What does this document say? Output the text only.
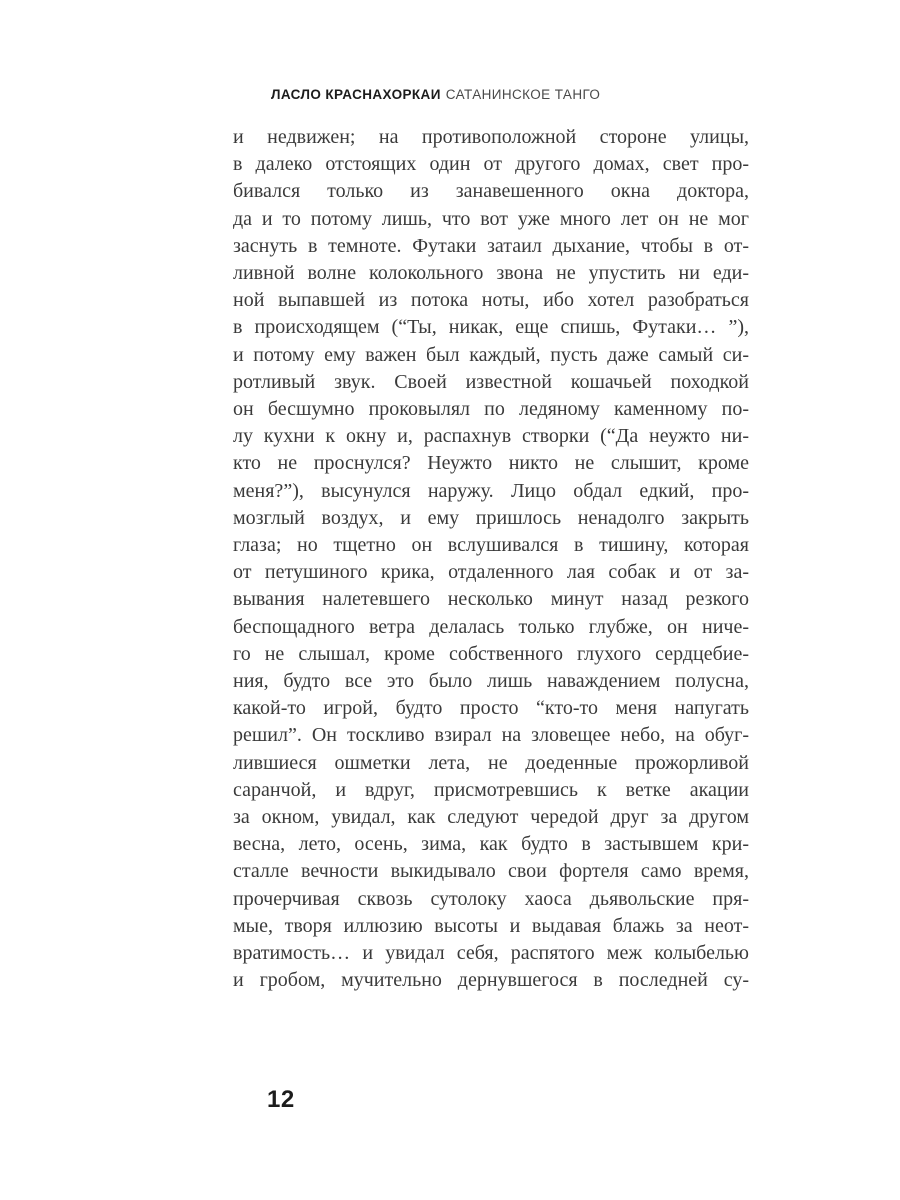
ЛАСЛО КРАСНАХОРКАИ САТАНИНСКОЕ ТАНГО
и недвижен; на противоположной стороне улицы,
в далеко отстоящих один от другого домах, свет про-
бивался только из занавешенного окна доктора,
да и то потому лишь, что вот уже много лет он не мог
заснуть в темноте. Футаки затаил дыхание, чтобы в от-
ливной волне колокольного звона не упустить ни еди-
ной выпавшей из потока ноты, ибо хотел разобраться
в происходящем (“Ты, никак, еще спишь, Футаки… ”),
и потому ему важен был каждый, пусть даже самый си-
ротливый звук. Своей известной кошачьей походкой
он бесшумно проковылял по ледяному каменному по-
лу кухни к окну и, распахнув створки (“Да неужто ни-
кто не проснулся? Неужто никто не слышит, кроме
меня?”), высунулся наружу. Лицо обдал едкий, про-
мозглый воздух, и ему пришлось ненадолго закрыть
глаза; но тщетно он вслушивался в тишину, которая
от петушиного крика, отдаленного лая собак и от за-
вывания налетевшего несколько минут назад резкого
беспощадного ветра делалась только глубже, он ниче-
го не слышал, кроме собственного глухого сердцебие-
ния, будто все это было лишь наваждением полусна,
какой-то игрой, будто просто “кто-то меня напугать
решил”. Он тоскливо взирал на зловещее небо, на обуг-
лившиеся ошметки лета, не доеденные прожорливой
саранчой, и вдруг, присмотревшись к ветке акации
за окном, увидал, как следуют чередой друг за другом
весна, лето, осень, зима, как будто в застывшем кри-
сталле вечности выкидывало свои фортеля само время,
прочерчивая сквозь сутолоку хаоса дьявольские пря-
мые, творя иллюзию высоты и выдавая блажь за неот-
вратимость… и увидал себя, распятого меж колыбелью
и гробом, мучительно дернувшегося в последней су-
12
